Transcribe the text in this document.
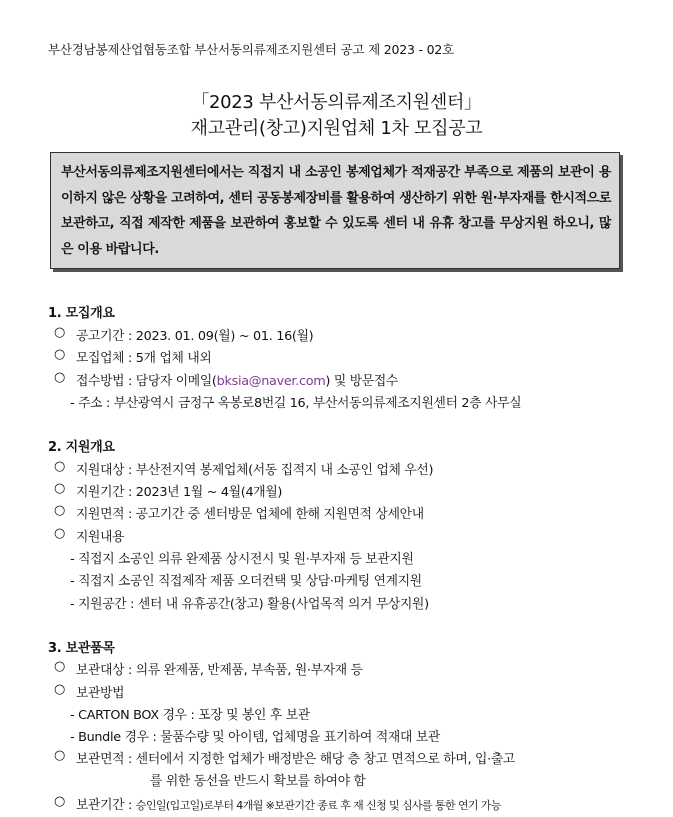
부산경남봉제산업협동조합 부산서동의류제조지원센터 공고 제 2023 - 02호
「2023 부산서동의류제조지원센터」
재고관리(창고)지원업체 1차 모집공고
부산서동의류제조지원센터에서는 직접지 내 소공인 봉제업체가 적재공간 부족으로 제품의 보관이 용이하지 않은 상황을 고려하여, 센터 공동봉제장비를 활용하여 생산하기 위한 원·부자재를 한시적으로 보관하고, 직접 제작한 제품을 보관하여 홍보할 수 있도록 센터 내 유휴 창고를 무상지원 하오니, 많은 이용 바랍니다.
1. 모집개요
○ 공고기간 : 2023. 01. 09(월) ~ 01. 16(월)
○ 모집업체 : 5개 업체 내외
○ 접수방법 : 담당자 이메일(bksia@naver.com) 및 방문접수
- 주소 : 부산광역시 금정구 옥봉로8번길 16, 부산서동의류제조지원센터 2층 사무실
2. 지원개요
○ 지원대상 : 부산전지역 봉제업체(서동 집적지 내 소공인 업체 우선)
○ 지원기간 : 2023년 1월 ~ 4월(4개월)
○ 지원면적 : 공고기간 중 센터방문 업체에 한해 지원면적 상세안내
○ 지원내용
- 직접지 소공인 의류 완제품 상시전시 및 원·부자재 등 보관지원
- 직접지 소공인 직접제작 제품 오더컨택 및 상담·마케팅 연계지원
- 지원공간 : 센터 내 유휴공간(창고) 활용(사업목적 의거 무상지원)
3. 보관품목
○ 보관대상 : 의류 완제품, 반제품, 부속품, 원·부자재 등
○ 보관방법
- CARTON BOX 경우 : 포장 및 봉인 후 보관
- Bundle 경우 : 물품수량 및 아이템, 업체명을 표기하여 적재대 보관
○ 보관면적 : 센터에서 지정한 업체가 배정받은 해당 층 창고 면적으로 하며, 입·출고
를 위한 동선을 반드시 확보를 하여야 함
○ 보관기간 : 승인일(입고일)로부터 4개월 ※보관기간 종료 후 재 신청 및 심사를 통한 연기 가능
